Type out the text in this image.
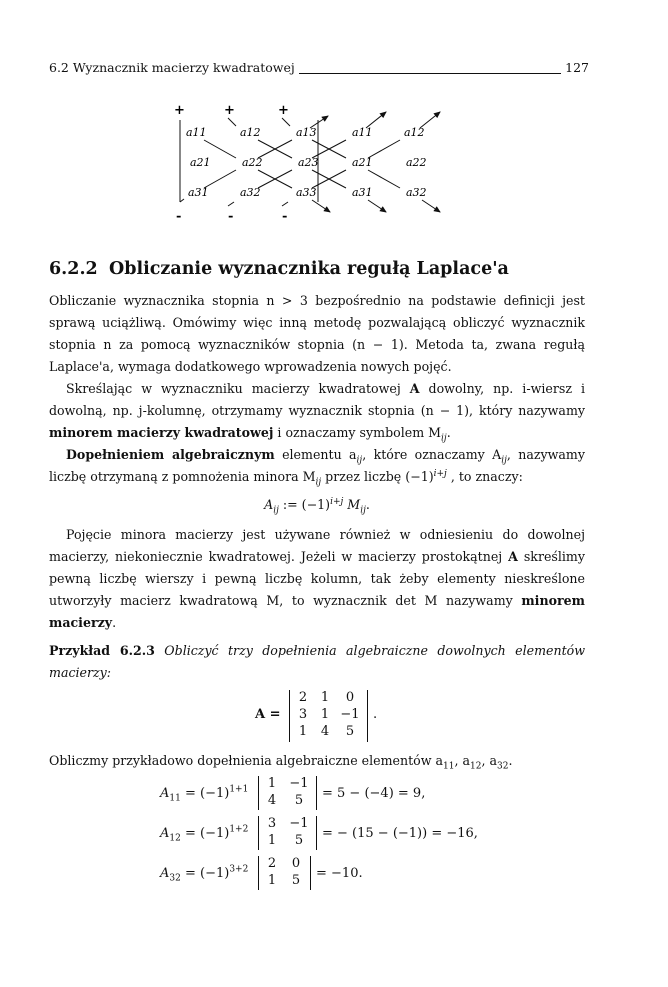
6.2 Wyznacznik macierzy kwadratowej	127
+	+	+
-	-	-
a11	a12	a13	a11	a12
a21	a22	a23	a21	a22
a31	a32	a33	a31	a32
6.2.2 Obliczanie wyznacznika regułą Laplace'a

Obliczanie wyznacznika stopnia n > 3 bezpośrednio na podstawie definicji jest sprawą uciążliwą. Omówimy więc inną metodę pozwalającą obliczyć wyznacznik stopnia n za pomocą wyznaczników stopnia (n − 1). Metoda ta, zwana regułą Laplace'a, wymaga dodatkowego wprowadzenia nowych pojęć.

Skreślając w wyznaczniku macierzy kwadratowej A dowolny, np. i-wiersz i dowolną, np. j-kolumnę, otrzymamy wyznacznik stopnia (n − 1), który nazywamy minorem macierzy kwadratowej i oznaczamy symbolem $M_{ij}$.

Dopełnieniem algebraicznym elementu $a_{ij}$, które oznaczamy $A_{ij}$, nazywamy liczbę otrzymaną z pomnożenia minora $M_{ij}$ przez liczbę $(-1)^{i+j}$ , to znaczy:

$A_{ij}$ := $(-1)^{i+j}$ $M_{ij}$.

Pojęcie minora macierzy jest używane również w odniesieniu do dowolnej macierzy, niekoniecznie kwadratowej. Jeżeli w macierzy prostokątnej A skreślimy pewną liczbę wierszy i pewną liczbę kolumn, tak żeby elementy nieskreślone utworzyły macierz kwadratową M, to wyznacznik det M nazywamy minorem macierzy.

Przykład 6.2.3 Obliczyć trzy dopełnienia algebraiczne dowolnych elementów macierzy:

A =
2 1	0
3 1 −1
1 4	5
.

Obliczmy przykładowo dopełnienia algebraiczne elementów $a_{11}$, $a_{12}$, $a_{32}$.

$A_{11} = (-1)^{1+1}$ 1 −1
4	5	= 5 − (−4) = 9,
$A_{12} = (-1)^{1+2}$ 3 −1
1	5	= − (15 − (−1)) = −16,
$A_{32} = (-1)^{3+2}$ 2 0
1 5 = −10.
